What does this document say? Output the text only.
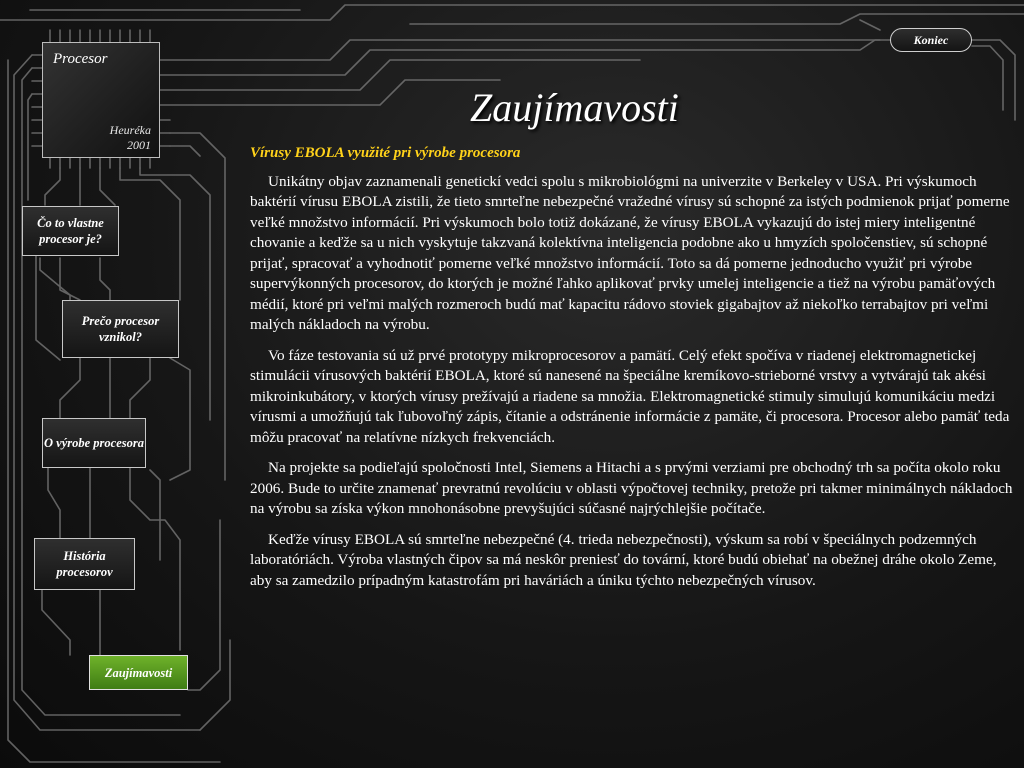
Procesor
Heuréka
2001
Čo to vlastne procesor je?
Prečo procesor vznikol?
O výrobe procesora
História procesorov
Zaujímavosti
Koniec
Zaujímavosti

Vírusy EBOLA využité pri výrobe procesora

Unikátny objav zaznamenali genetickí vedci spolu s mikrobiológmi na univerzite v Berkeley v USA. Pri výskumoch baktérií vírusu EBOLA zistili, že tieto smrteľne nebezpečné vražedné vírusy sú schopné za istých podmienok prijať pomerne veľké množstvo informácií. Pri výskumoch bolo totiž dokázané, že vírusy EBOLA vykazujú do istej miery inteligentné chovanie a keďže sa u nich vyskytuje takzvaná kolektívna inteligencia podobne ako u hmyzích spoločenstiev, sú schopné prijať, spracovať a vyhodnotiť pomerne veľké množstvo informácií. Toto sa dá pomerne jednoducho využiť pri výrobe supervýkonných procesorov, do ktorých je možné ľahko aplikovať prvky umelej inteligencie a tiež na výrobu pamäťových médií, ktoré pri veľmi malých rozmeroch budú mať kapacitu rádovo stoviek gigabajtov až niekoľko terrabajtov pri veľmi malých nákladoch na výrobu.

Vo fáze testovania sú už prvé prototypy mikroprocesorov a pamätí. Celý efekt spočíva v riadenej elektromagnetickej stimulácii vírusových baktérií EBOLA, ktoré sú nanesené na špeciálne kremíkovo-strieborné vrstvy a vytvárajú tak akési mikroinkubátory, v ktorých vírusy prežívajú a riadene sa množia. Elektromagnetické stimuly simulujú komunikáciu medzi vírusmi a umožňujú tak ľubovoľný zápis, čítanie a odstránenie informácie z pamäte, či procesora. Procesor alebo pamäť teda môžu pracovať na relatívne nízkych frekvenciách.

Na projekte sa podieľajú spoločnosti Intel, Siemens a Hitachi a s prvými verziami pre obchodný trh sa počíta okolo roku 2006. Bude to určite znamenať prevratnú revolúciu v oblasti výpočtovej techniky, pretože pri takmer minimálnych nákladoch na výrobu sa získa výkon mnohonásobne prevyšujúci súčasné najrýchlejšie počítače.

Keďže vírusy EBOLA sú smrteľne nebezpečné (4. trieda nebezpečnosti), výskum sa robí v špeciálnych podzemných laboratóriách. Výroba vlastných čipov sa má neskôr preniesť do tovární, ktoré budú obiehať na obežnej dráhe okolo Zeme, aby sa zamedzilo prípadným katastrofám pri haváriách a úniku týchto nebezpečných vírusov.
